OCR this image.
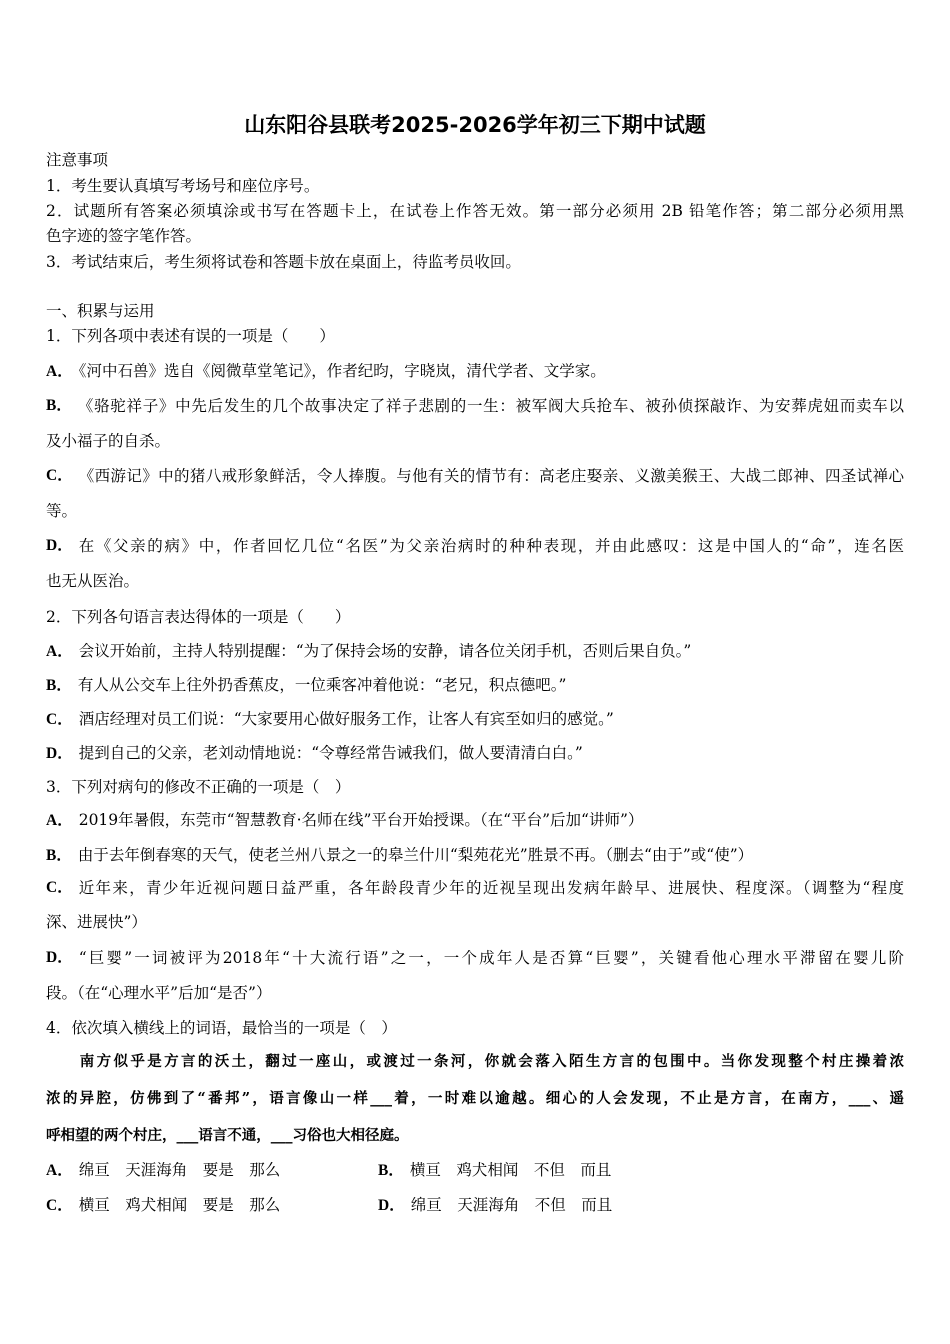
山东阳谷县联考2025-2026学年初三下期中试题
注意事项
1．考生要认真填写考场号和座位序号。
2．试题所有答案必须填涂或书写在答题卡上，在试卷上作答无效。第一部分必须用 2B 铅笔作答；第二部分必须用黑
色字迹的签字笔作答。
3．考试结束后，考生须将试卷和答题卡放在桌面上，待监考员收回。
一、积累与运用
1．下列各项中表述有误的一项是（　　）
A． 《河中石兽》选自《阅微草堂笔记》，作者纪昀，字晓岚，清代学者、文学家。
B． 《骆驼祥子》中先后发生的几个故事决定了祥子悲剧的一生：被军阀大兵抢车、被孙侦探敲诈、为安葬虎妞而卖车以
及小福子的自杀。
C． 《西游记》中的猪八戒形象鲜活，令人捧腹。与他有关的情节有：高老庄娶亲、义激美猴王、大战二郎神、四圣试禅心
等。
D． 在《父亲的病》中，作者回忆几位“名医”为父亲治病时的种种表现，并由此感叹：这是中国人的“命”，连名医
也无从医治。
2．下列各句语言表达得体的一项是（　　）
A． 会议开始前，主持人特别提醒：“为了保持会场的安静，请各位关闭手机，否则后果自负。”
B． 有人从公交车上往外扔香蕉皮，一位乘客冲着他说：“老兄，积点德吧。”
C． 酒店经理对员工们说：“大家要用心做好服务工作，让客人有宾至如归的感觉。”
D． 提到自己的父亲，老刘动情地说：“令尊经常告诫我们，做人要清清白白。”
3．下列对病句的修改不正确的一项是（　）
A． 2019年暑假，东莞市“智慧教育·名师在线”平台开始授课。（在“平台”后加“讲师”）
B． 由于去年倒春寒的天气，使老兰州八景之一的皋兰什川“梨苑花光”胜景不再。（删去“由于”或“使”）
C． 近年来，青少年近视问题日益严重，各年龄段青少年的近视呈现出发病年龄早、进展快、程度深。（调整为“程度
深、进展快”）
D． “巨婴”一词被评为2018年“十大流行语”之一，一个成年人是否算“巨婴”，关键看他心理水平滞留在婴儿阶
段。（在“心理水平”后加“是否”）
4．依次填入横线上的词语，最恰当的一项是（　）
　　南方似乎是方言的沃土，翻过一座山，或渡过一条河，你就会落入陌生方言的包围中。当你发现整个村庄操着浓
浓的异腔，仿佛到了“番邦”，语言像山一样___着，一时难以逾越。细心的人会发现，不止是方言，在南方，___、遥
呼相望的两个村庄，___语言不通，___习俗也大相径庭。
A． 绵亘　天涯海角　要是　那么	B． 横亘　鸡犬相闻　不但　而且
C． 横亘　鸡犬相闻　要是　那么	D． 绵亘　天涯海角　不但　而且
